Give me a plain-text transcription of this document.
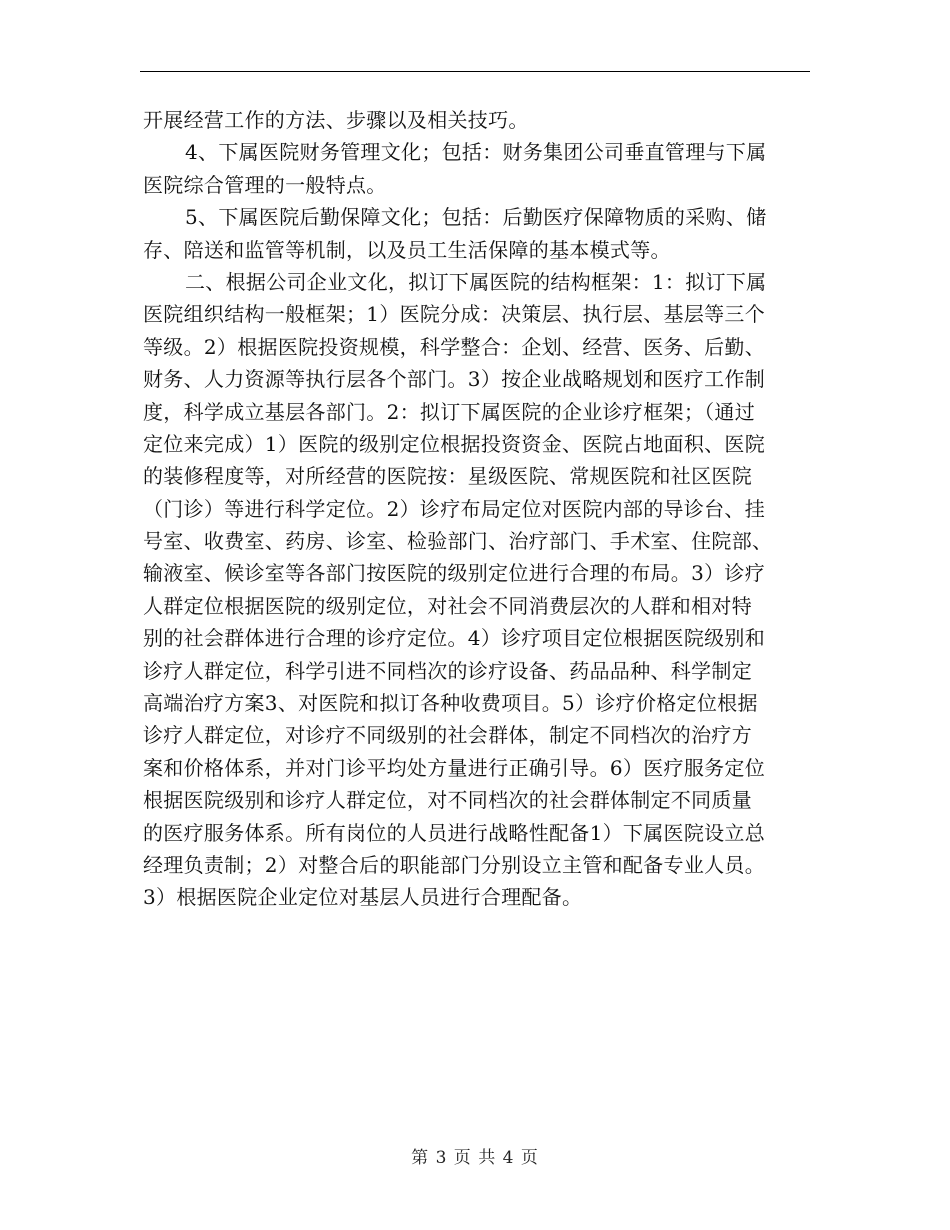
开展经营工作的方法、步骤以及相关技巧。
4、下属医院财务管理文化；包括：财务集团公司垂直管理与下属
医院综合管理的一般特点。
5、下属医院后勤保障文化；包括：后勤医疗保障物质的采购、储
存、陪送和监管等机制，以及员工生活保障的基本模式等。
二、根据公司企业文化，拟订下属医院的结构框架：1：拟订下属
医院组织结构一般框架；1）医院分成：决策层、执行层、基层等三个
等级。2）根据医院投资规模，科学整合：企划、经营、医务、后勤、
财务、人力资源等执行层各个部门。3）按企业战略规划和医疗工作制
度，科学成立基层各部门。2：拟订下属医院的企业诊疗框架；（通过
定位来完成）1）医院的级别定位根据投资资金、医院占地面积、医院
的装修程度等，对所经营的医院按：星级医院、常规医院和社区医院
（门诊）等进行科学定位。2）诊疗布局定位对医院内部的导诊台、挂
号室、收费室、药房、诊室、检验部门、治疗部门、手术室、住院部、
输液室、候诊室等各部门按医院的级别定位进行合理的布局。3）诊疗
人群定位根据医院的级别定位，对社会不同消费层次的人群和相对特
别的社会群体进行合理的诊疗定位。4）诊疗项目定位根据医院级别和
诊疗人群定位，科学引进不同档次的诊疗设备、药品品种、科学制定
高端治疗方案3、对医院和拟订各种收费项目。5）诊疗价格定位根据
诊疗人群定位，对诊疗不同级别的社会群体，制定不同档次的治疗方
案和价格体系，并对门诊平均处方量进行正确引导。6）医疗服务定位
根据医院级别和诊疗人群定位，对不同档次的社会群体制定不同质量
的医疗服务体系。所有岗位的人员进行战略性配备1）下属医院设立总
经理负责制；2）对整合后的职能部门分别设立主管和配备专业人员。
3）根据医院企业定位对基层人员进行合理配备。
第 3 页 共 4 页
